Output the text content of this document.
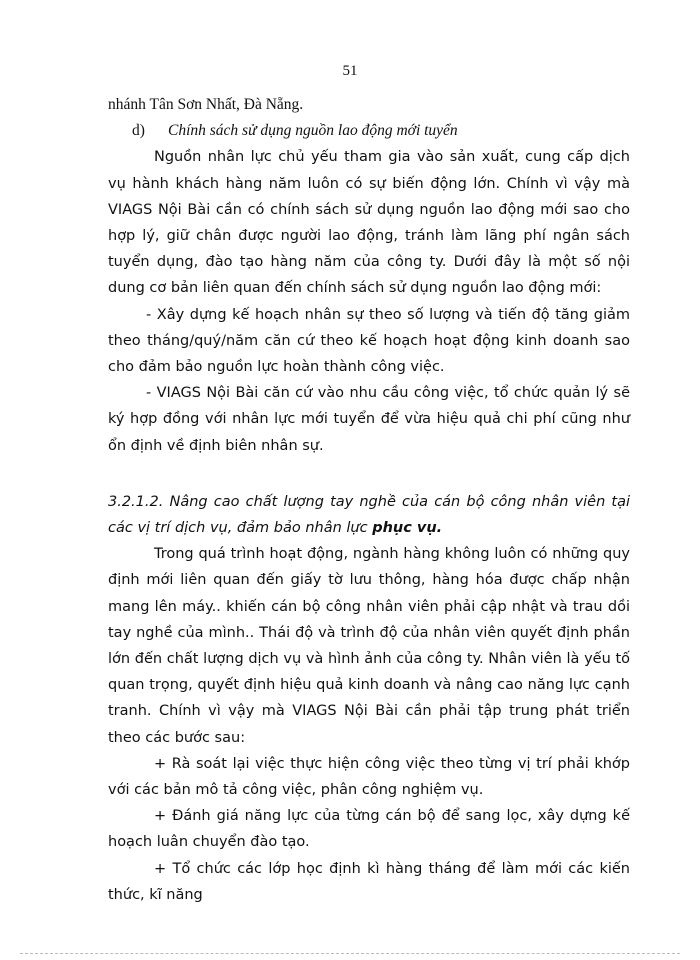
51

nhánh Tân Sơn Nhất, Đà Nẵng.

d) Chính sách sử dụng nguồn lao động mới tuyển

Nguồn nhân lực chủ yếu tham gia vào sản xuất, cung cấp dịch vụ hành khách hàng năm luôn có sự biến động lớn. Chính vì vậy mà VIAGS Nội Bài cần có chính sách sử dụng nguồn lao động mới sao cho hợp lý, giữ chân được người lao động, tránh làm lãng phí ngân sách tuyển dụng, đào tạo hàng năm của công ty. Dưới đây là một số nội dung cơ bản liên quan đến chính sách sử dụng nguồn lao động mới:

- Xây dựng kế hoạch nhân sự theo số lượng và tiến độ tăng giảm theo tháng/quý/năm căn cứ theo kế hoạch hoạt động kinh doanh sao cho đảm bảo nguồn lực hoàn thành công việc.

- VIAGS Nội Bài căn cứ vào nhu cầu công việc, tổ chức quản lý sẽ ký hợp đồng với nhân lực mới tuyển để vừa hiệu quả chi phí cũng như ổn định về định biên nhân sự.

3.2.1.2. Nâng cao chất lượng tay nghề của cán bộ công nhân viên tại các vị trí dịch vụ, đảm bảo nhân lực phục vụ.

Trong quá trình hoạt động, ngành hàng không luôn có những quy định mới liên quan đến giấy tờ lưu thông, hàng hóa được chấp nhận mang lên máy.. khiến cán bộ công nhân viên phải cập nhật và trau dồi tay nghề của mình.. Thái độ và trình độ của nhân viên quyết định phần lớn đến chất lượng dịch vụ và hình ảnh của công ty. Nhân viên là yếu tố quan trọng, quyết định hiệu quả kinh doanh và nâng cao năng lực cạnh tranh. Chính vì vậy mà VIAGS Nội Bài cần phải tập trung phát triển theo các bước sau:

+ Rà soát lại việc thực hiện công việc theo từng vị trí phải khớp với các bản mô tả công việc, phân công nghiệm vụ.

+ Đánh giá năng lực của từng cán bộ để sang lọc, xây dựng kế hoạch luân chuyển đào tạo.

+ Tổ chức các lớp học định kì hàng tháng để làm mới các kiến thức, kĩ năng
